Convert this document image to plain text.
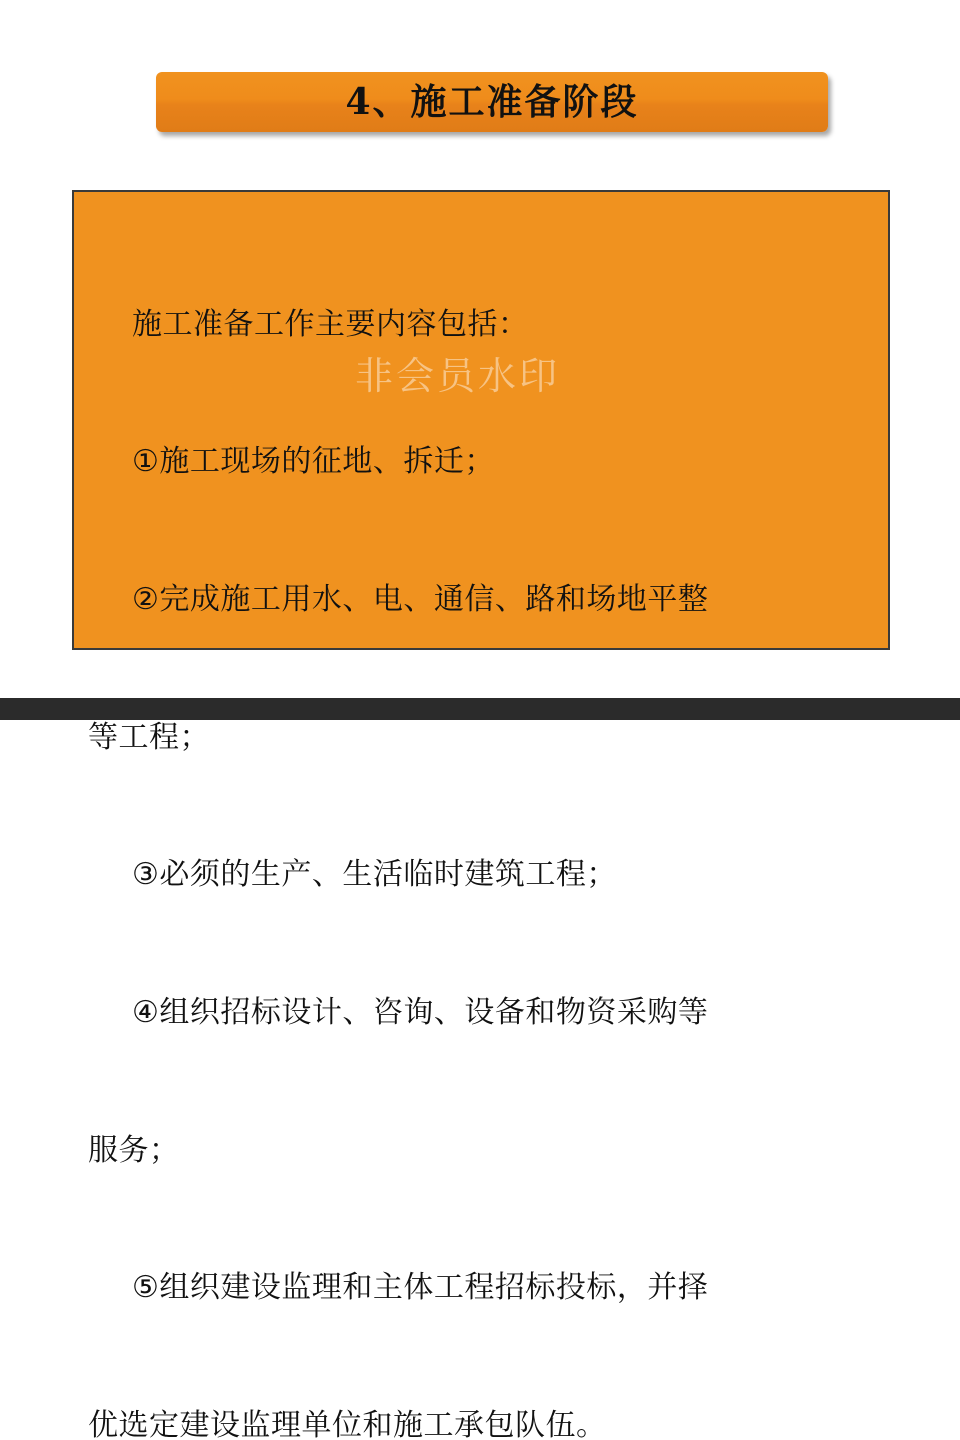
4、施工准备阶段

施工准备工作主要内容包括：

①施工现场的征地、拆迁；

②完成施工用水、电、通信、路和场地平整

等工程；

③必须的生产、生活临时建筑工程；

④组织招标设计、咨询、设备和物资采购等

服务；

⑤组织建设监理和主体工程招标投标，并择

优选定建设监理单位和施工承包队伍。

非会员水印
